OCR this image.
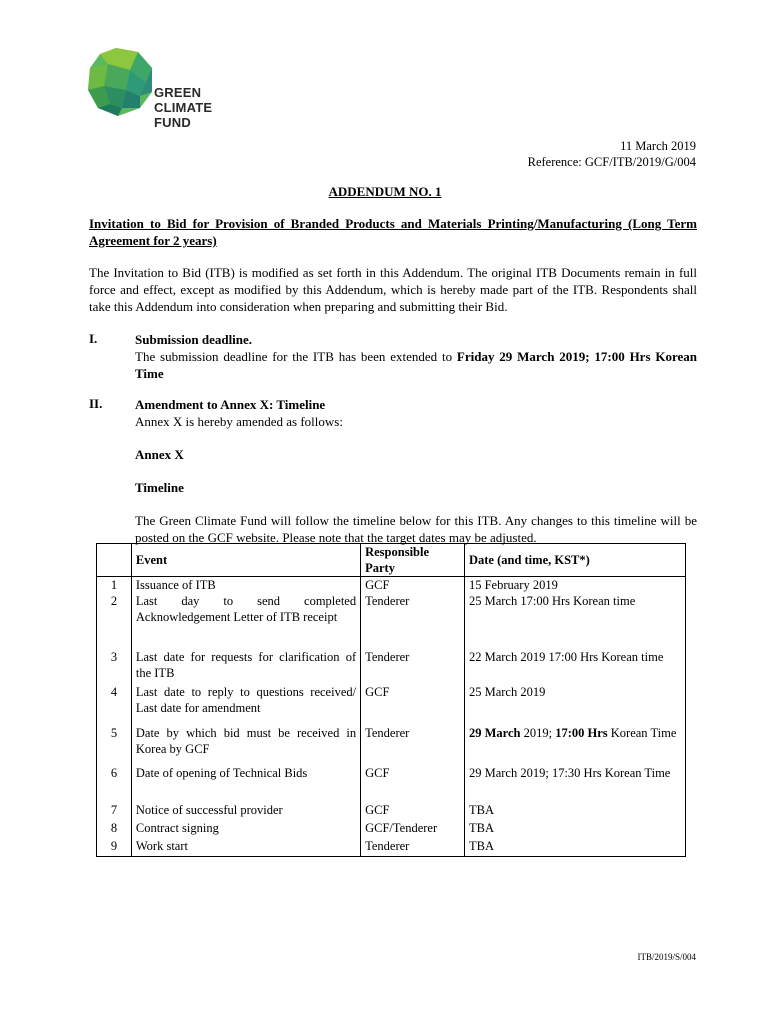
GREEN
CLIMATE
FUND
11 March 2019
Reference: GCF/ITB/2019/G/004
ADDENDUM NO. 1
Invitation to Bid for Provision of Branded Products and Materials Printing/Manufacturing (Long Term Agreement for 2 years)
The Invitation to Bid (ITB) is modified as set forth in this Addendum. The original ITB Documents remain in full force and effect, except as modified by this Addendum, which is hereby made part of the ITB. Respondents shall take this Addendum into consideration when preparing and submitting their Bid.
I.	Submission deadline.
The submission deadline for the ITB has been extended to Friday 29 March 2019; 17:00 Hrs Korean Time
II.	Amendment to Annex X: Timeline
Annex X is hereby amended as follows:
Annex X
Timeline
The Green Climate Fund will follow the timeline below for this ITB. Any changes to this timeline will be posted on the GCF website. Please note that the target dates may be adjusted.
	Event	Responsible Party	Date (and time, KST*)
1	Issuance of ITB	GCF	15 February 2019
2	Last day to send completed Acknowledgement Letter of ITB receipt	Tenderer	25 March 17:00 Hrs Korean time
3	Last date for requests for clarification of the ITB	Tenderer	22 March 2019 17:00 Hrs Korean time
4	Last date to reply to questions received/ Last date for amendment	GCF	25 March 2019
5	Date by which bid must be received in Korea by GCF	Tenderer	29 March 2019; 17:00 Hrs Korean Time
6	Date of opening of Technical Bids	GCF	29 March 2019; 17:30 Hrs Korean Time
7	Notice of successful provider	GCF	TBA
8	Contract signing	GCF/Tenderer	TBA
9	Work start	Tenderer	TBA
ITB/2019/S/004
